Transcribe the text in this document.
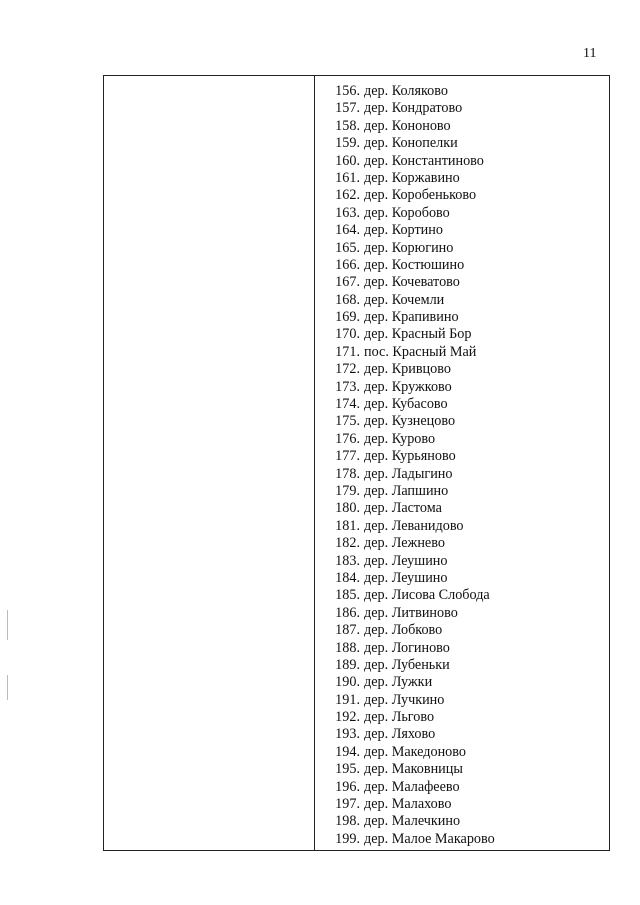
11
156. дер. Коляково
157. дер. Кондратово
158. дер. Кононово
159. дер. Конопелки
160. дер. Константиново
161. дер. Коржавино
162. дер. Коробеньково
163. дер. Коробово
164. дер. Кортино
165. дер. Корюгино
166. дер. Костюшино
167. дер. Кочеватово
168. дер. Кочемли
169. дер. Крапивино
170. дер. Красный Бор
171. пос. Красный Май
172. дер. Кривцово
173. дер. Кружково
174. дер. Кубасово
175. дер. Кузнецово
176. дер. Курово
177. дер. Курьяново
178. дер. Ладыгино
179. дер. Лапшино
180. дер. Ластома
181. дер. Леванидово
182. дер. Лежнево
183. дер. Леушино
184. дер. Леушино
185. дер. Лисова Слобода
186. дер. Литвиново
187. дер. Лобково
188. дер. Логиново
189. дер. Лубеньки
190. дер. Лужки
191. дер. Лучкино
192. дер. Льгово
193. дер. Ляхово
194. дер. Македоново
195. дер. Маковницы
196. дер. Малафеево
197. дер. Малахово
198. дер. Малечкино
199. дер. Малое Макарово
